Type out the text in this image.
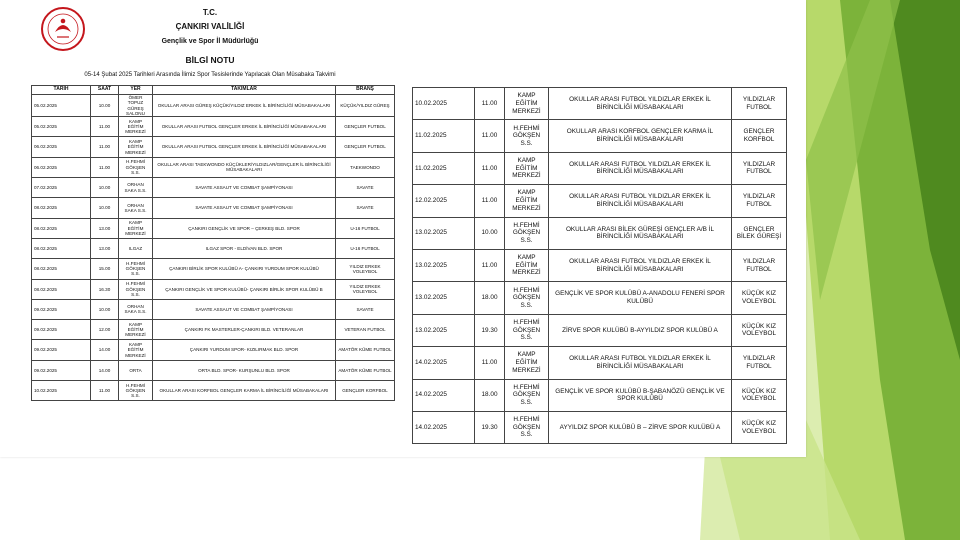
T.C.
ÇANKIRI VALİLİĞİ
Gençlik ve Spor İl Müdürlüğü
BİLGİ NOTU
05-14 Şubat 2025 Tarihleri Arasında İlimiz Spor Tesislerinde Yapılacak Olan Müsabaka Takvimi
TARİH	SAAT	YER	TAKIMLAR	BRANŞ
05.02.2025	10.00	ÖMER TOPUZ GÜREŞ SALONU	OKULLAR ARASI GÜREŞ KÜÇÜK/YILDIZ ERKEK İL BİRİNCİLİĞİ MÜSABAKALARI	KÜÇÜK/YILDIZ GÜREŞ
05.02.2025	11.00	KAMP EĞİTİM MERKEZİ	OKULLAR ARASI FUTBOL GENÇLER ERKEK İL BİRİNCİLİĞİ MÜSABAKALARI	GENÇLER FUTBOL
06.02.2025	11.00	KAMP EĞİTİM MERKEZİ	OKULLAR ARASI FUTBOL GENÇLER ERKEK İL BİRİNCİLİĞİ MÜSABAKALARI	GENÇLER FUTBOL
06.02.2025	11.00	H.FEHMİ GÖKŞEN S.S.	OKULLAR ARASI TAEKWONDO KÜÇÜKLER/YILDIZLAR/GENÇLER İL BİRİNCİLİĞİ MÜSABAKALARI	TAEKWONDO
07.02.2025	10.00	ORHAN SAKA S.S.	SAVATE ASSAUT VE COMBAT ŞAMPİYONASI	SAVATE
08.02.2025	10.00	ORHAN SAKA S.S.	SAVATE ASSAUT VE COMBAT ŞAMPİYONASI	SAVATE
08.02.2025	13.00	KAMP EĞİTİM MERKEZİ	ÇANKIRI GENÇLİK VE SPOR – ÇERKEŞ BLD. SPOR	U-16 FUTBOL
08.02.2025	13.00	ILGAZ	ILGAZ SPOR - ELDİVAN BLD. SPOR	U-16 FUTBOL
08.02.2025	15.00	H.FEHMİ GÖKŞEN S.S.	ÇANKIRI BİRLİK SPOR KULÜBÜ A- ÇANKIRI YURDUM SPOR KULÜBÜ	YILDIZ ERKEK VOLEYBOL
08.02.2025	16.30	H.FEHMİ GÖKŞEN S.S.	ÇANKIRI GENÇLİK VE SPOR KULÜBÜ- ÇANKIRI BİRLİK SPOR KULÜBÜ B	YILDIZ ERKEK VOLEYBOL
09.02.2025	10.00	ORHAN SAKA S.S.	SAVATE ASSAUT VE COMBAT ŞAMPİYONASI	SAVATE
09.02.2025	12.00	KAMP EĞİTİM MERKEZİ	ÇANKIRI FK MASTERLER-ÇANKIRI BLD. VETERANLAR	VETERAN FUTBOL
09.02.2025	14.00	KAMP EĞİTİM MERKEZİ	ÇANKIRI YURDUM SPOR- KIZILIRMAK BLD. SPOR	AMATÖR KÜME FUTBOL
09.02.2025	14.00	ORTA	ORTA BLD. SPOR- KURŞUNLU BLD. SPOR	AMATÖR KÜME FUTBOL
10.02.2025	11.00	H.FEHMİ GÖKŞEN S.S.	OKULLAR ARASI KORFBOL GENÇLER KARMA İL BİRİNCİLİĞİ MÜSABAKALARI	GENÇLER KORFBOL
10.02.2025	11.00	KAMP EĞİTİM MERKEZİ	OKULLAR ARASI FUTBOL YILDIZLAR ERKEK İL BİRİNCİLİĞİ MÜSABAKALARI	YILDIZLAR FUTBOL
11.02.2025	11.00	H.FEHMİ GÖKŞEN S.S.	OKULLAR ARASI KORFBOL GENÇLER KARMA İL BİRİNCİLİĞİ MÜSABAKALARI	GENÇLER KORFBOL
11.02.2025	11.00	KAMP EĞİTİM MERKEZİ	OKULLAR ARASI FUTBOL YILDIZLAR ERKEK İL BİRİNCİLİĞİ MÜSABAKALARI	YILDIZLAR FUTBOL
12.02.2025	11.00	KAMP EĞİTİM MERKEZİ	OKULLAR ARASI FUTBOL YILDIZLAR ERKEK İL BİRİNCİLİĞİ MÜSABAKALARI	YILDIZLAR FUTBOL
13.02.2025	10.00	H.FEHMİ GÖKŞEN S.S.	OKULLAR ARASI BİLEK GÜREŞİ GENÇLER A/B İL BİRİNCİLİĞİ MÜSABAKALARI	GENÇLER BİLEK GÜREŞİ
13.02.2025	11.00	KAMP EĞİTİM MERKEZİ	OKULLAR ARASI FUTBOL YILDIZLAR ERKEK İL BİRİNCİLİĞİ MÜSABAKALARI	YILDIZLAR FUTBOL
13.02.2025	18.00	H.FEHMİ GÖKŞEN S.S.	GENÇLİK VE SPOR KULÜBÜ A-ANADOLU FENERİ SPOR KULÜBÜ	KÜÇÜK KIZ VOLEYBOL
13.02.2025	19.30	H.FEHMİ GÖKŞEN S.S.	ZİRVE SPOR KULÜBÜ B-AYYILDIZ SPOR KULÜBÜ A	KÜÇÜK KIZ VOLEYBOL
14.02.2025	11.00	KAMP EĞİTİM MERKEZİ	OKULLAR ARASI FUTBOL YILDIZLAR ERKEK İL BİRİNCİLİĞİ MÜSABAKALARI	YILDIZLAR FUTBOL
14.02.2025	18.00	H.FEHMİ GÖKŞEN S.S.	GENÇLİK VE SPOR KULÜBÜ B-ŞABANÖZÜ GENÇLİK VE SPOR KULÜBÜ	KÜÇÜK KIZ VOLEYBOL
14.02.2025	19.30	H.FEHMİ GÖKŞEN S.S.	AYYILDIZ SPOR KULÜBÜ B – ZİRVE SPOR KULÜBÜ A	KÜÇÜK KIZ VOLEYBOL
